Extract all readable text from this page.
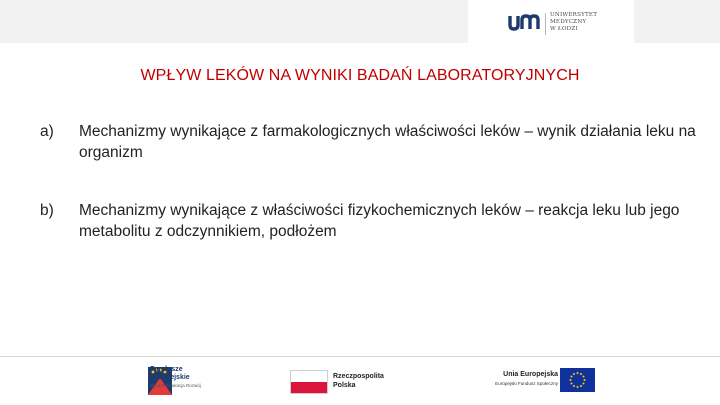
UNIWERSYTET
MEDYCZNY
W ŁODZI
WPŁYW LEKÓW NA WYNIKI BADAŃ LABORATORYJNYCH
a) Mechanizmy wynikające z farmakologicznych właściwości leków – wynik działania leku na organizm
b) Mechanizmy wynikające z właściwości fizykochemicznych leków – reakcja leku lub jego metabolitu z odczynnikiem, podłożem
Fundusze
Europejskie
Wiedza Edukacja Rozwój
Rzeczpospolita
Polska
Unia Europejska
Europejski Fundusz Społeczny
